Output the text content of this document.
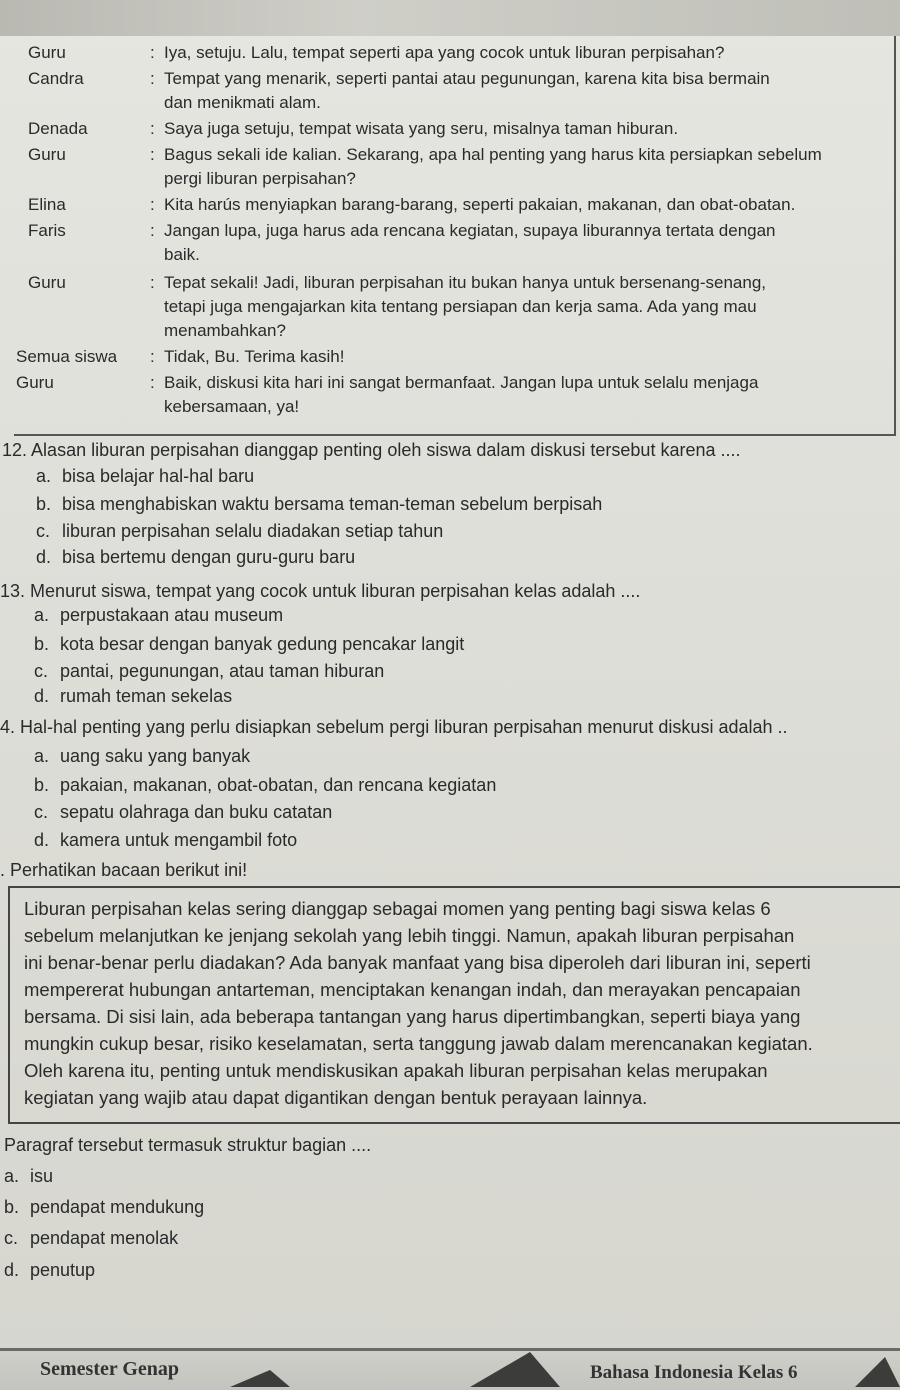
Guru	: Iya, setuju. Lalu, tempat seperti apa yang cocok untuk liburan perpisahan?
Candra	: Tempat yang menarik, seperti pantai atau pegunungan, karena kita bisa bermain
dan menikmati alam.
Denada	: Saya juga setuju, tempat wisata yang seru, misalnya taman hiburan.
Guru	: Bagus sekali ide kalian. Sekarang, apa hal penting yang harus kita persiapkan sebelum
pergi liburan perpisahan?
Elina	: Kita harús menyiapkan barang-barang, seperti pakaian, makanan, dan obat-obatan.
Faris	: Jangan lupa, juga harus ada rencana kegiatan, supaya liburannya tertata dengan
baik.
Guru	: Tepat sekali! Jadi, liburan perpisahan itu bukan hanya untuk bersenang-senang,
tetapi juga mengajarkan kita tentang persiapan dan kerja sama. Ada yang mau
menambahkan?
Semua siswa	: Tidak, Bu. Terima kasih!
Guru	: Baik, diskusi kita hari ini sangat bermanfaat. Jangan lupa untuk selalu menjaga
kebersamaan, ya!
12. Alasan liburan perpisahan dianggap penting oleh siswa dalam diskusi tersebut karena ....
a. bisa belajar hal-hal baru
b. bisa menghabiskan waktu bersama teman-teman sebelum berpisah
c. liburan perpisahan selalu diadakan setiap tahun
d. bisa bertemu dengan guru-guru baru
13. Menurut siswa, tempat yang cocok untuk liburan perpisahan kelas adalah ....
a. perpustakaan atau museum
b. kota besar dengan banyak gedung pencakar langit
c. pantai, pegunungan, atau taman hiburan
d. rumah teman sekelas
4. Hal-hal penting yang perlu disiapkan sebelum pergi liburan perpisahan menurut diskusi adalah ..
a. uang saku yang banyak
b. pakaian, makanan, obat-obatan, dan rencana kegiatan
c. sepatu olahraga dan buku catatan
d. kamera untuk mengambil foto
. Perhatikan bacaan berikut ini!
Liburan perpisahan kelas sering dianggap sebagai momen yang penting bagi siswa kelas 6
sebelum melanjutkan ke jenjang sekolah yang lebih tinggi. Namun, apakah liburan perpisahan
ini benar-benar perlu diadakan? Ada banyak manfaat yang bisa diperoleh dari liburan ini, seperti
mempererat hubungan antarteman, menciptakan kenangan indah, dan merayakan pencapaian
bersama. Di sisi lain, ada beberapa tantangan yang harus dipertimbangkan, seperti biaya yang
mungkin cukup besar, risiko keselamatan, serta tanggung jawab dalam merencanakan kegiatan.
Oleh karena itu, penting untuk mendiskusikan apakah liburan perpisahan kelas merupakan
kegiatan yang wajib atau dapat digantikan dengan bentuk perayaan lainnya.
Paragraf tersebut termasuk struktur bagian ....
a. isu
b. pendapat mendukung
c. pendapat menolak
d. penutup
Semester Genap	Bahasa Indonesia Kelas 6
